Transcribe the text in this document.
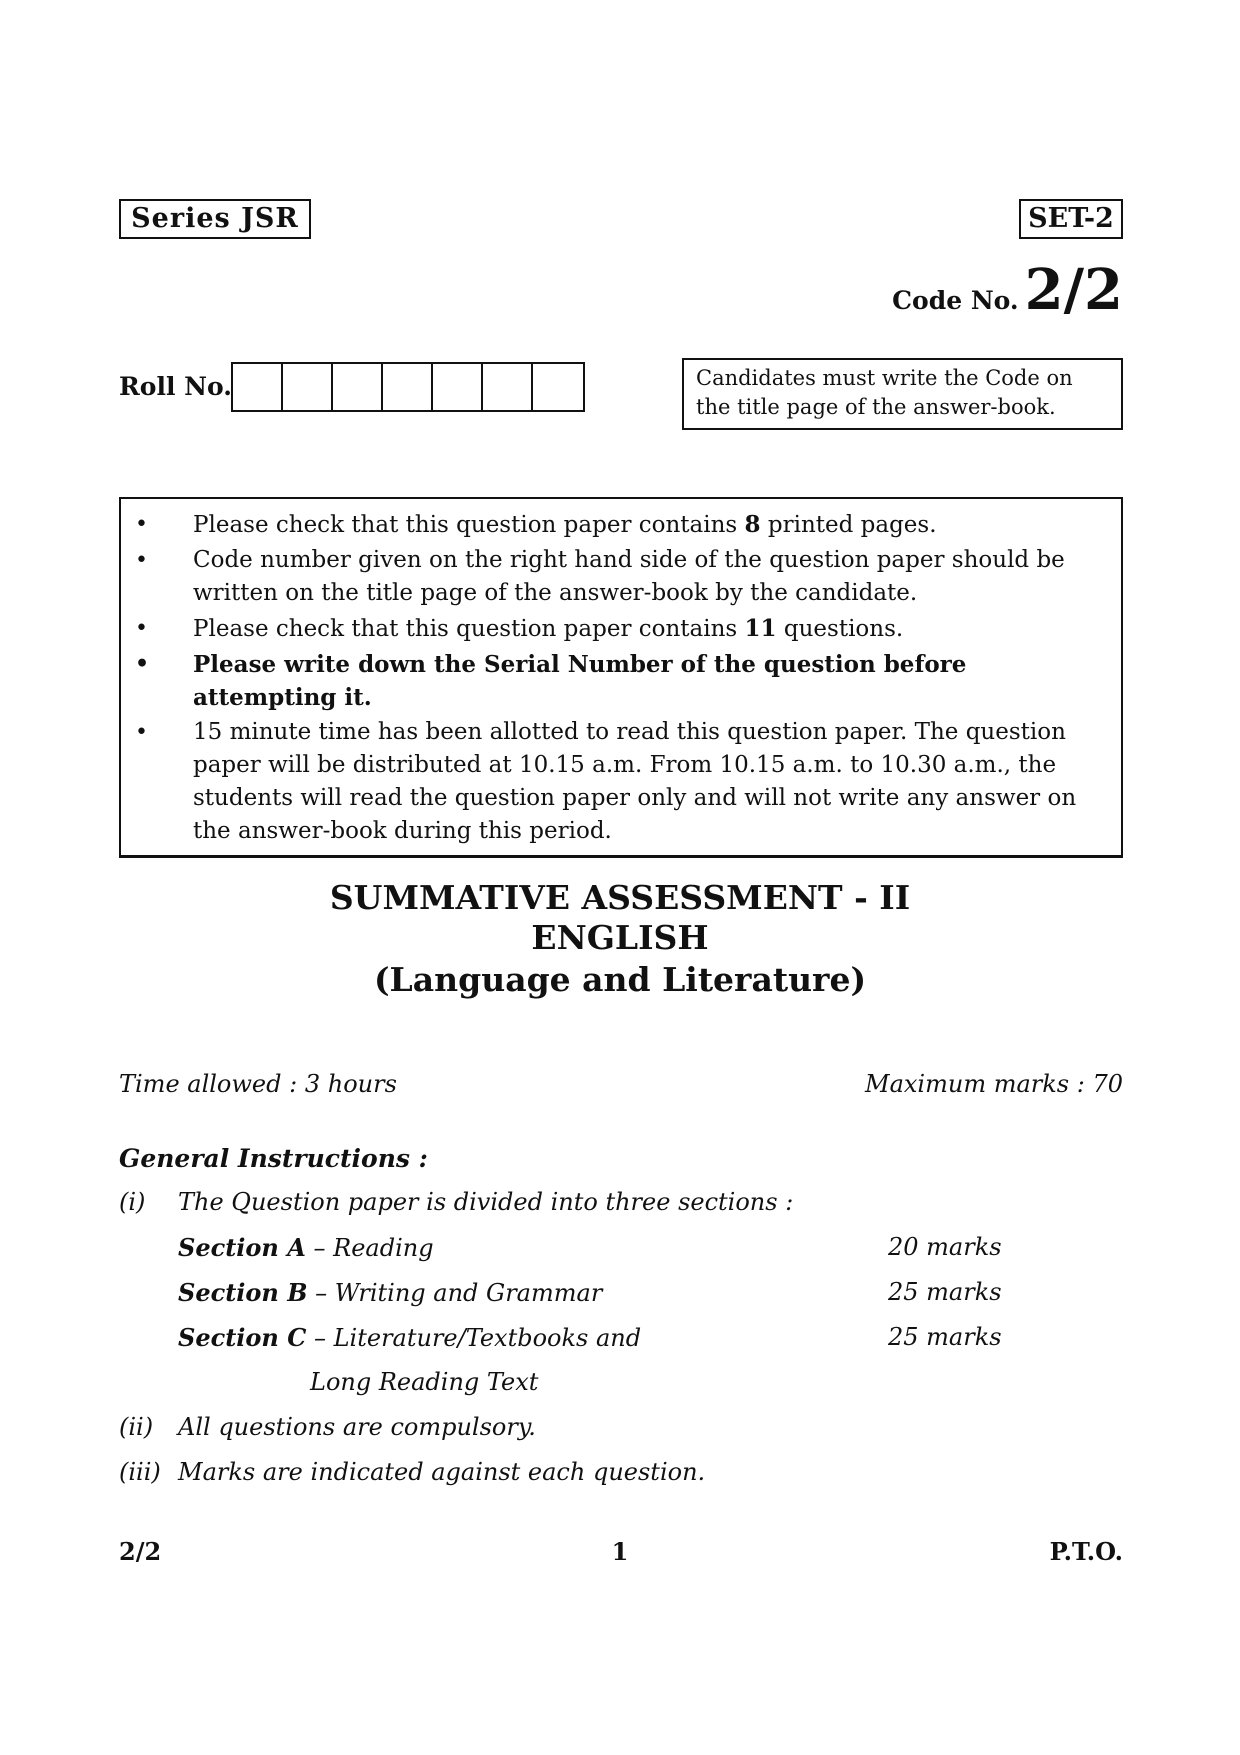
Series JSR	SET-2
Code No. 2/2
Roll No.	Candidates must write the Code on the title page of the answer-book.
• Please check that this question paper contains 8 printed pages.
• Code number given on the right hand side of the question paper should be written on the title page of the answer-book by the candidate.
• Please check that this question paper contains 11 questions.
• Please write down the Serial Number of the question before attempting it.
• 15 minute time has been allotted to read this question paper. The question paper will be distributed at 10.15 a.m. From 10.15 a.m. to 10.30 a.m., the students will read the question paper only and will not write any answer on the answer-book during this period.
SUMMATIVE ASSESSMENT - II
ENGLISH
(Language and Literature)
Time allowed : 3 hours	Maximum marks : 70
General Instructions :
(i) The Question paper is divided into three sections :
Section A – Reading	20 marks
Section B – Writing and Grammar	25 marks
Section C – Literature/Textbooks and	25 marks
Long Reading Text
(ii) All questions are compulsory.
(iii) Marks are indicated against each question.
2/2	1	P.T.O.
